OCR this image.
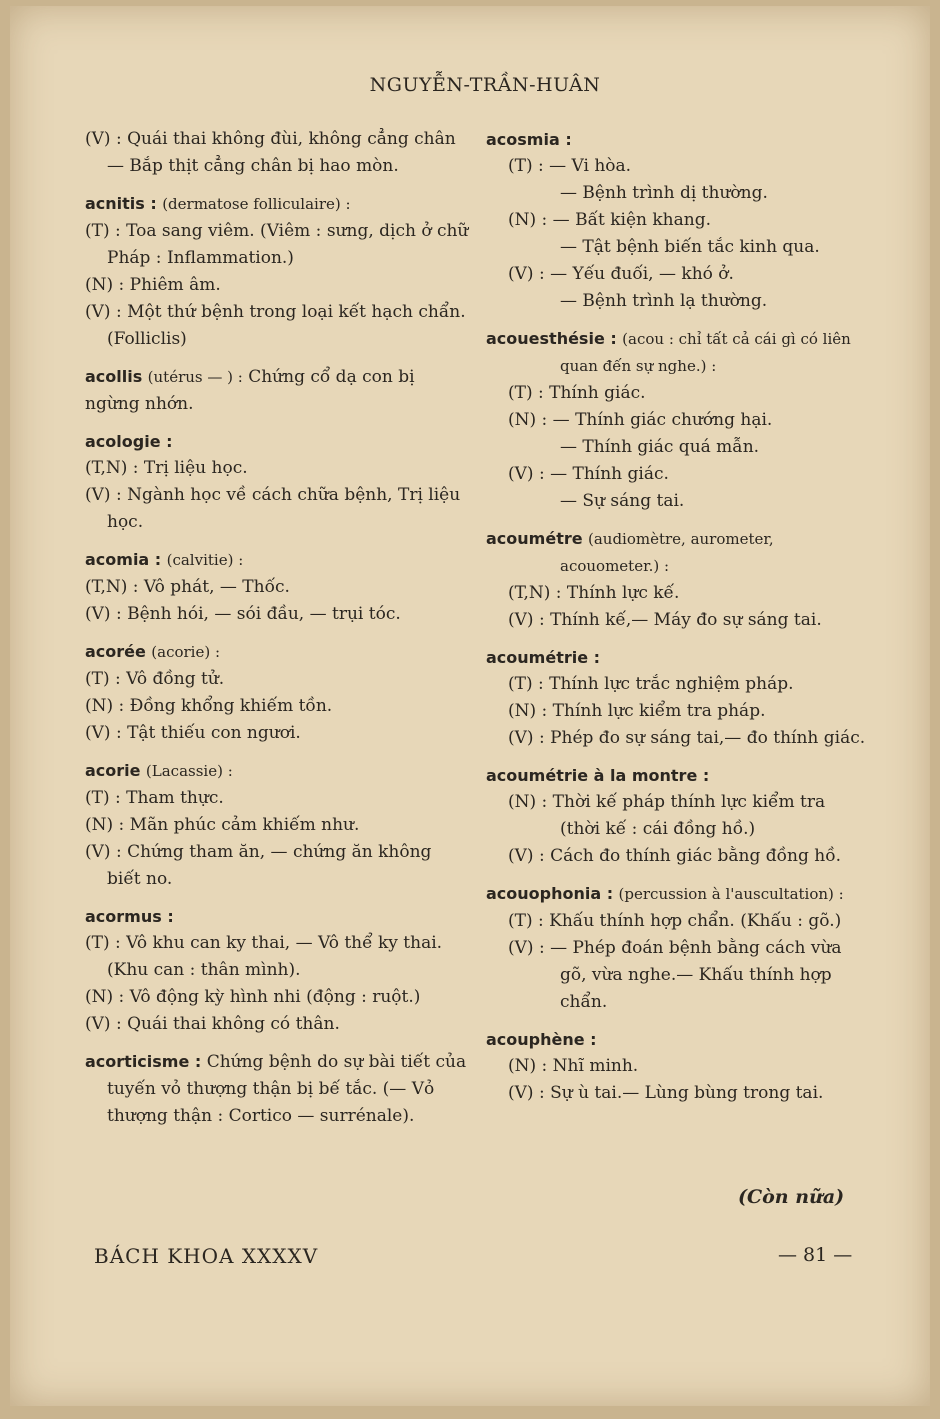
NGUYỄN-TRẦN-HUÂN
(V) : Quái thai không đùi, không cẳng chân
— Bắp thịt cẳng chân bị hao mòn.
acnitis : (dermatose folliculaire) :
(T) : Toa sang viêm. (Viêm : sưng, dịch ở chữ Pháp : Inflammation.)
(N) : Phiêm âm.
(V) : Một thứ bệnh trong loại kết hạch chẩn. (Folliclis)
acollis (utérus — ) : Chứng cổ dạ con bị ngừng nhớn.
acologie :
(T,N) : Trị liệu học.
(V) : Ngành học về cách chữa bệnh, Trị liệu học.
acomia : (calvitie) :
(T,N) : Vô phát, — Thốc.
(V) : Bệnh hói, — sói đầu, — trụi tóc.
acorée (acorie) :
(T) : Vô đồng tử.
(N) : Đồng khổng khiếm tồn.
(V) : Tật thiếu con ngươi.
acorie (Lacassie) :
(T) : Tham thực.
(N) : Mãn phúc cảm khiếm như.
(V) : Chứng tham ăn, — chứng ăn không biết no.
acormus :
(T) : Vô khu can ky thai, — Vô thể ky thai. (Khu can : thân mình).
(N) : Vô động kỳ hình nhi (động : ruột.)
(V) : Quái thai không có thân.
acorticisme : Chứng bệnh do sự bài tiết của tuyến vỏ thượng thận bị bế tắc. (— Vỏ thượng thận : Cortico — surrénale).
acosmia :
(T) : — Vi hòa.
— Bệnh trình dị thường.
(N) : — Bất kiện khang.
— Tật bệnh biến tắc kinh qua.
(V) : — Yếu đuối, — khó ở.
— Bệnh trình lạ thường.
acouesthésie : (acou : chỉ tất cả cái gì có liên quan đến sự nghe.) :
(T) : Thính giác.
(N) : — Thính giác chướng hại.
— Thính giác quá mẫn.
(V) : — Thính giác.
— Sự sáng tai.
acoumétre (audiomètre, aurometer, acouometer.) :
(T,N) : Thính lực kế.
(V) : Thính kế,— Máy đo sự sáng tai.
acoumétrie :
(T) : Thính lực trắc nghiệm pháp.
(N) : Thính lực kiểm tra pháp.
(V) : Phép đo sự sáng tai,— đo thính giác.
acoumétrie à la montre :
(N) : Thời kế pháp thính lực kiểm tra (thời kế : cái đồng hồ.)
(V) : Cách đo thính giác bằng đồng hồ.
acouophonia : (percussion à l'auscultation) :
(T) : Khấu thính hợp chẩn. (Khấu : gõ.)
(V) : — Phép đoán bệnh bằng cách vừa gõ, vừa nghe.— Khấu thính hợp chẩn.
acouphène :
(N) : Nhĩ minh.
(V) : Sự ù tai.— Lùng bùng trong tai.
(Còn nữa)
BÁCH KHOA XXXXV	— 81 —
